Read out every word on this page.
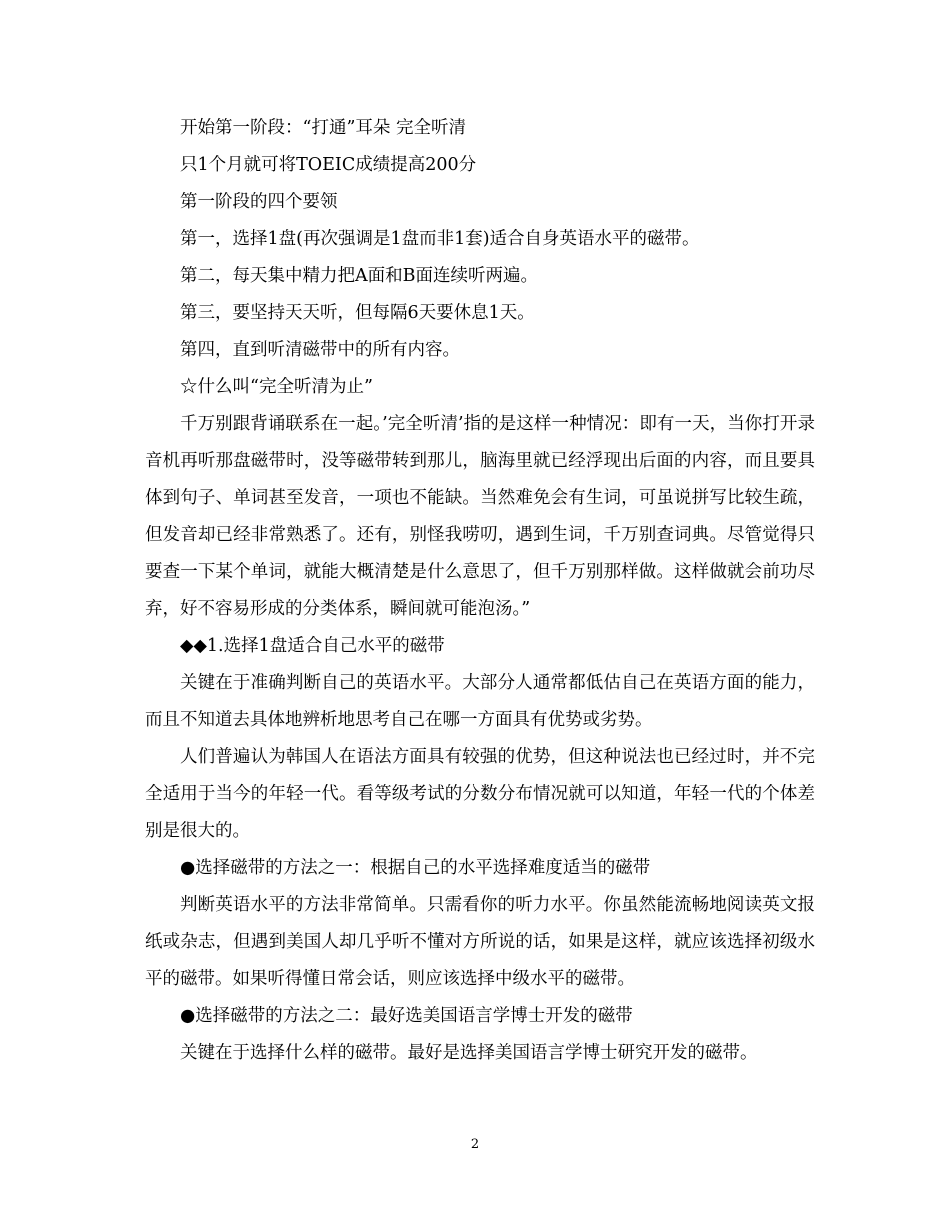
开始第一阶段：“打通”耳朵 完全听清

只1个月就可将TOEIC成绩提高200分

第一阶段的四个要领

第一，选择1盘(再次强调是1盘而非1套)适合自身英语水平的磁带。

第二，每天集中精力把A面和B面连续听两遍。

第三，要坚持天天听，但每隔6天要休息1天。

第四，直到听清磁带中的所有内容。

☆什么叫“完全听清为止”

千万别跟背诵联系在一起。’完全听清’指的是这样一种情况：即有一天，当你打开录音机再听那盘磁带时，没等磁带转到那儿，脑海里就已经浮现出后面的内容，而且要具体到句子、单词甚至发音，一项也不能缺。当然难免会有生词，可虽说拼写比较生疏，但发音却已经非常熟悉了。还有，别怪我唠叨，遇到生词，千万别查词典。尽管觉得只要查一下某个单词，就能大概清楚是什么意思了，但千万别那样做。这样做就会前功尽弃，好不容易形成的分类体系，瞬间就可能泡汤。”

◆◆1.选择1盘适合自己水平的磁带

关键在于准确判断自己的英语水平。大部分人通常都低估自己在英语方面的能力，而且不知道去具体地辨析地思考自己在哪一方面具有优势或劣势。

人们普遍认为韩国人在语法方面具有较强的优势，但这种说法也已经过时，并不完全适用于当今的年轻一代。看等级考试的分数分布情况就可以知道，年轻一代的个体差别是很大的。

●选择磁带的方法之一：根据自己的水平选择难度适当的磁带

判断英语水平的方法非常简单。只需看你的听力水平。你虽然能流畅地阅读英文报纸或杂志，但遇到美国人却几乎听不懂对方所说的话，如果是这样，就应该选择初级水平的磁带。如果听得懂日常会话，则应该选择中级水平的磁带。

●选择磁带的方法之二：最好选美国语言学博士开发的磁带

关键在于选择什么样的磁带。最好是选择美国语言学博士研究开发的磁带。

2
